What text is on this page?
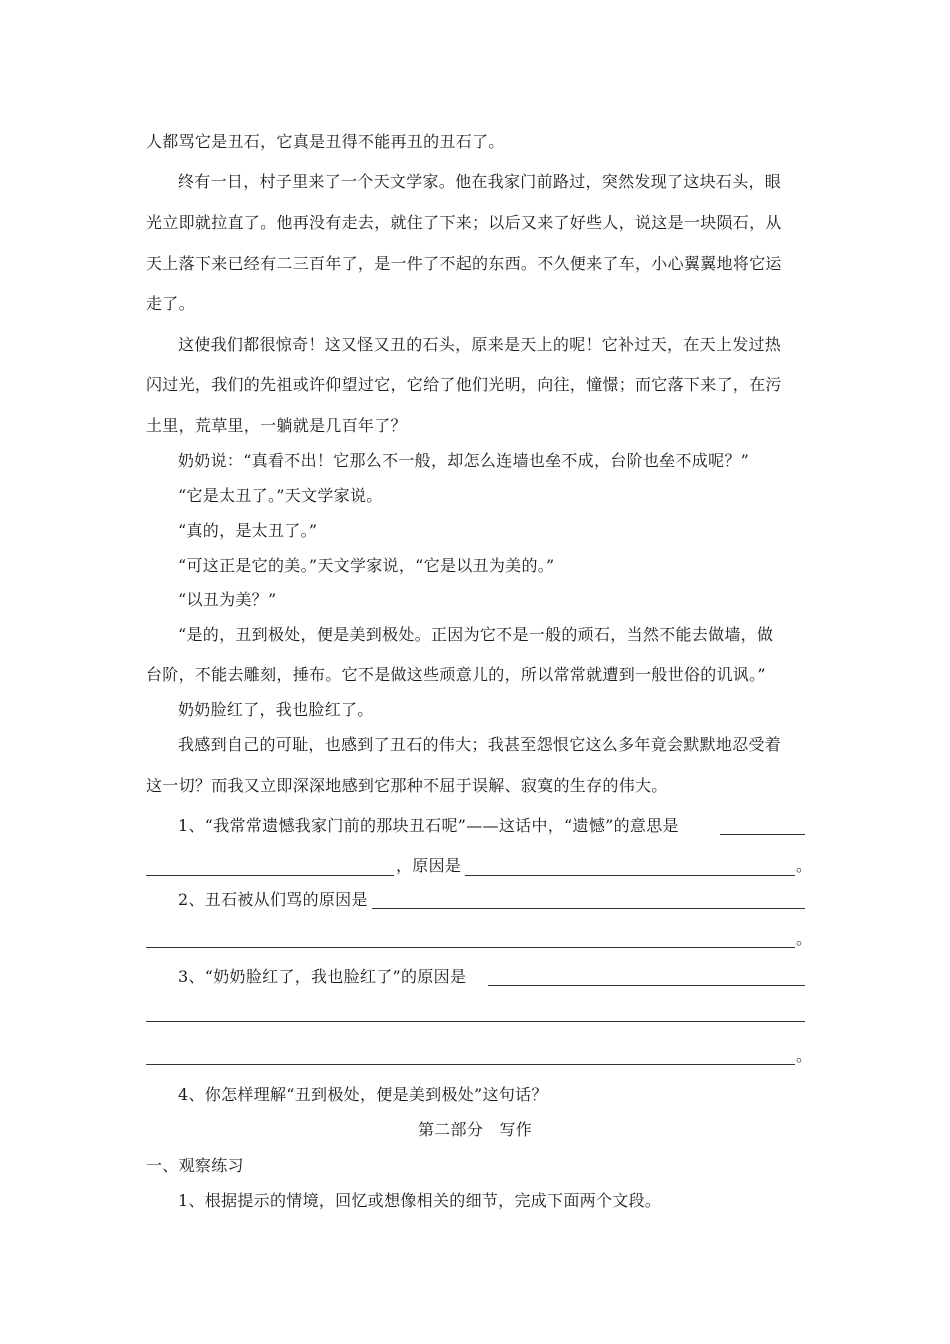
人都骂它是丑石，它真是丑得不能再丑的丑石了。
终有一日，村子里来了一个天文学家。他在我家门前路过，突然发现了这块石头，眼
光立即就拉直了。他再没有走去，就住了下来；以后又来了好些人，说这是一块陨石，从
天上落下来已经有二三百年了，是一件了不起的东西。不久便来了车，小心翼翼地将它运
走了。
这使我们都很惊奇！这又怪又丑的石头，原来是天上的呢！它补过天，在天上发过热
闪过光，我们的先祖或许仰望过它，它给了他们光明，向往，憧憬；而它落下来了，在污
土里，荒草里，一躺就是几百年了？
奶奶说：“真看不出！它那么不一般，却怎么连墙也垒不成，台阶也垒不成呢？”
“它是太丑了。”天文学家说。
“真的，是太丑了。”
“可这正是它的美。”天文学家说，“它是以丑为美的。”
“以丑为美？”
“是的，丑到极处，便是美到极处。正因为它不是一般的顽石，当然不能去做墙，做
台阶，不能去雕刻，捶布。它不是做这些顽意儿的，所以常常就遭到一般世俗的讥讽。”
奶奶脸红了，我也脸红了。
我感到自己的可耻，也感到了丑石的伟大；我甚至怨恨它这么多年竟会默默地忍受着
这一切？而我又立即深深地感到它那种不屈于误解、寂寞的生存的伟大。
1、“我常常遗憾我家门前的那块丑石呢”——这话中，“遗憾”的意思是
，原因是	。
2、丑石被从们骂的原因是
。
3、“奶奶脸红了，我也脸红了”的原因是
。
4、你怎样理解“丑到极处，便是美到极处”这句话？
第二部分　写作
一、观察练习
1、根据提示的情境，回忆或想像相关的细节，完成下面两个文段。
